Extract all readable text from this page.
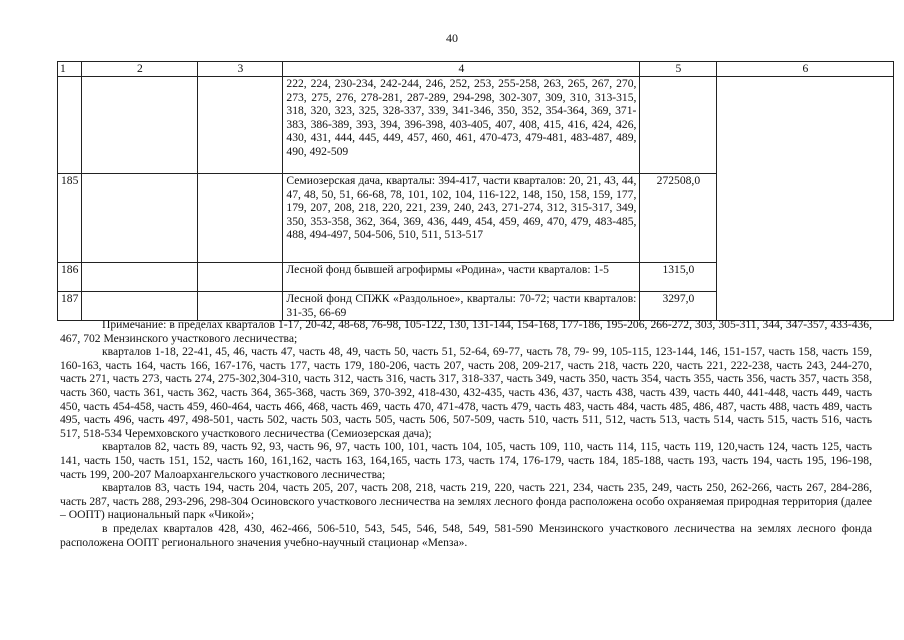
40
1	2	3	4	5	6
			222, 224, 230-234, 242-244, 246, 252, 253, 255-258, 263, 265, 267, 270, 273, 275, 276, 278-281, 287-289, 294-298, 302-307, 309, 310, 313-315, 318, 320, 323, 325, 328-337, 339, 341-346, 350, 352, 354-364, 369, 371-383, 386-389, 393, 394, 396-398, 403-405, 407, 408, 415, 416, 424, 426, 430, 431, 444, 445, 449, 457, 460, 461, 470-473, 479-481, 483-487, 489, 490, 492-509		
185			Семиозерская дача, кварталы: 394-417, части кварталов: 20, 21, 43, 44, 47, 48, 50, 51, 66-68, 78, 101, 102, 104, 116-122, 148, 150, 158, 159, 177, 179, 207, 208, 218, 220, 221, 239, 240, 243, 271-274, 312, 315-317, 349, 350, 353-358, 362, 364, 369, 436, 449, 454, 459, 469, 470, 479, 483-485, 488, 494-497, 504-506, 510, 511, 513-517	272508,0	
186			Лесной фонд бывшей агрофирмы «Родина», части кварталов: 1-5	1315,0	
187			Лесной фонд СПЖК «Раздольное», кварталы: 70-72; части кварталов: 31-35, 66-69	3297,0	

Примечание: в пределах кварталов 1-17, 20-42, 48-68, 76-98, 105-122, 130, 131-144, 154-168, 177-186, 195-206, 266-272, 303, 305-311, 344, 347-357, 433-436, 467, 702 Мензинского участкового лесничества;

кварталов 1-18, 22-41, 45, 46, часть 47, часть 48, 49, часть 50, часть 51, 52-64, 69-77, часть 78, 79- 99, 105-115, 123-144, 146, 151-157, часть 158, часть 159, 160-163, часть 164, часть 166, 167-176, часть 177, часть 179, 180-206, часть 207, часть 208, 209-217, часть 218, часть 220, часть 221, 222-238, часть 243, 244-270, часть 271, часть 273, часть 274, 275-302,304-310, часть 312, часть 316, часть 317, 318-337, часть 349, часть 350, часть 354, часть 355, часть 356, часть 357, часть 358, часть 360, часть 361, часть 362, часть 364, 365-368, часть 369, 370-392, 418-430, 432-435, часть 436, 437, часть 438, часть 439, часть 440, 441-448, часть 449, часть 450, часть 454-458, часть 459, 460-464, часть 466, 468, часть 469, часть 470, 471-478, часть 479, часть 483, часть 484, часть 485, 486, 487, часть 488, часть 489, часть 495, часть 496, часть 497, 498-501, часть 502, часть 503, часть 505, часть 506, 507-509, часть 510, часть 511, 512, часть 513, часть 514, часть 515, часть 516, часть 517, 518-534 Черемховского участкового лесничества (Семиозерская дача);

кварталов 82, часть 89, часть 92, 93, часть 96, 97, часть 100, 101, часть 104, 105, часть 109, 110, часть 114, 115, часть 119, 120,часть 124, часть 125, часть 141, часть 150, часть 151, 152, часть 160, 161,162, часть 163, 164,165, часть 173, часть 174, 176-179, часть 184, 185-188, часть 193, часть 194, часть 195, 196-198, часть 199, 200-207 Малоархангельского участкового лесничества;

кварталов 83, часть 194, часть 204, часть 205, 207, часть 208, 218, часть 219, 220, часть 221, 234, часть 235, 249, часть 250, 262-266, часть 267, 284-286, часть 287, часть 288, 293-296, 298-304 Осиновского участкового лесничества на землях лесного фонда расположена особо охраняемая природная территория (далее – ООПТ) национальный парк «Чикой»;

в пределах кварталов 428, 430, 462-466, 506-510, 543, 545, 546, 548, 549, 581-590 Мензинского участкового лесничества на землях лесного фонда расположена ООПТ регионального значения учебно-научный стационар «Мenза».
